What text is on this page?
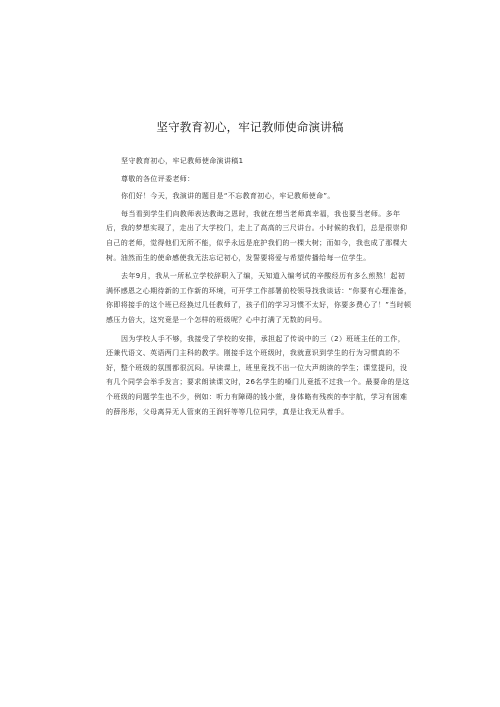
坚守教育初心，牢记教师使命演讲稿

坚守教育初心，牢记教师使命演讲稿1

尊敬的各位评委老师：

你们好！今天，我演讲的题目是“不忘教育初心，牢记教师使命”。

每当看到学生们向教师表达教诲之恩时，我就在想当老师真幸福，我也要当老师。多年后，我的梦想实现了，走出了大学校门，走上了高高的三尺讲台。小时候的我们，总是很崇仰自己的老师，觉得他们无所不能，似乎永远是庇护我们的一棵大树；而如今，我也成了那棵大树。油然而生的使命感使我无法忘记初心，发誓要将爱与希望传播给每一位学生。

去年9月，我从一所私立学校辞职入了编，天知道入编考试的辛酸经历有多么煎熬！起初满怀感恩之心期待新的工作新的环境，可开学工作部署前校领导找我谈话：“你要有心理准备，你即将接手的这个班已经换过几任教师了，孩子们的学习习惯不太好，你要多费心了！”当时顿感压力倍大，这究竟是一个怎样的班级呢？心中打满了无数的问号。

因为学校人手不够，我接受了学校的安排，承担起了传说中的三（2）班班主任的工作，还兼代语文、英语两门主科的教学。刚接手这个班级时，我就意识到学生的行为习惯真的不好，整个班级的氛围都很沉闷。早读课上，班里竟找不出一位大声朗读的学生；课堂提问，没有几个同学会举手发言；要求朗读课文时，26名学生的嗓门儿竟抵不过我一个。最要命的是这个班级的问题学生也不少，例如：听力有障碍的钱小萱，身体略有残疾的李宇航，学习有困难的薛彤彤，父母离异无人管束的王润轩等等几位同学，真是让我无从着手。
